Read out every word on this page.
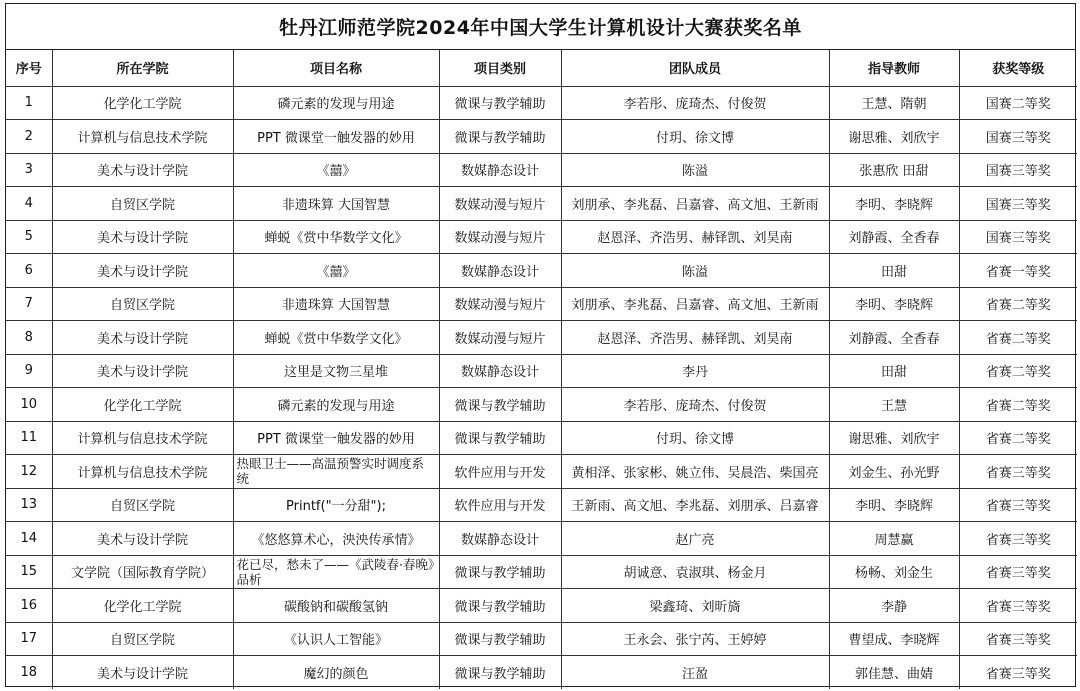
牡丹江师范学院2024年中国大学生计算机设计大赛获奖名单
序号	所在学院	项目名称	项目类别	团队成员	指导教师	获奖等级
1	化学化工学院	磷元素的发现与用途	微课与教学辅助	李若彤、庞琦杰、付俊贺	王慧、隋朝	国赛二等奖
2	计算机与信息技术学院	PPT 微课堂一触发器的妙用	微课与教学辅助	付玥、徐文博	谢思雅、刘欣宇	国赛三等奖
3	美术与设计学院	《囍》	数媒静态设计	陈溢	张惠欣 田甜	国赛三等奖
4	自贸区学院	非遗珠算 大国智慧	数媒动漫与短片	刘朋承、李兆磊、吕嘉睿、高文旭、王新雨	李明、李晓辉	国赛三等奖
5	美术与设计学院	蝉蜕《赏中华数学文化》	数媒动漫与短片	赵恩泽、齐浩男、赫铎凯、刘昊南	刘静霞、全香春	国赛三等奖
6	美术与设计学院	《囍》	数媒静态设计	陈溢	田甜	省赛一等奖
7	自贸区学院	非遗珠算 大国智慧	数媒动漫与短片	刘朋承、李兆磊、吕嘉睿、高文旭、王新雨	李明、李晓辉	省赛二等奖
8	美术与设计学院	蝉蜕《赏中华数学文化》	数媒动漫与短片	赵恩泽、齐浩男、赫铎凯、刘昊南	刘静霞、全香春	省赛二等奖
9	美术与设计学院	这里是文物三星堆	数媒静态设计	李丹	田甜	省赛二等奖
10	化学化工学院	磷元素的发现与用途	微课与教学辅助	李若彤、庞琦杰、付俊贺	王慧	省赛二等奖
11	计算机与信息技术学院	PPT 微课堂一触发器的妙用	微课与教学辅助	付玥、徐文博	谢思雅、刘欣宇	省赛二等奖
12	计算机与信息技术学院	热眼卫士——高温预警实时调度系统	软件应用与开发	黄相泽、张家彬、姚立伟、吴晨浩、柴国亮	刘金生、孙光野	省赛三等奖
13	自贸区学院	Printf("一分甜");	软件应用与开发	王新雨、高文旭、李兆磊、刘朋承、吕嘉睿	李明、李晓辉	省赛三等奖
14	美术与设计学院	《悠悠算术心，泱泱传承情》	数媒静态设计	赵广亮	周慧赢	省赛三等奖
15	文学院（国际教育学院）	花已尽，愁未了——《武陵春·春晚》品析	微课与教学辅助	胡诚意、袁淑琪、杨金月	杨畅、刘金生	省赛三等奖
16	化学化工学院	碳酸钠和碳酸氢钠	微课与教学辅助	梁鑫琦、刘昕旖	李静	省赛三等奖
17	自贸区学院	《认识人工智能》	微课与教学辅助	王永会、张宁芮、王婷婷	曹望成、李晓辉	省赛三等奖
18	美术与设计学院	魔幻的颜色	微课与教学辅助	汪盈	郭佳慧、曲婧	省赛三等奖
